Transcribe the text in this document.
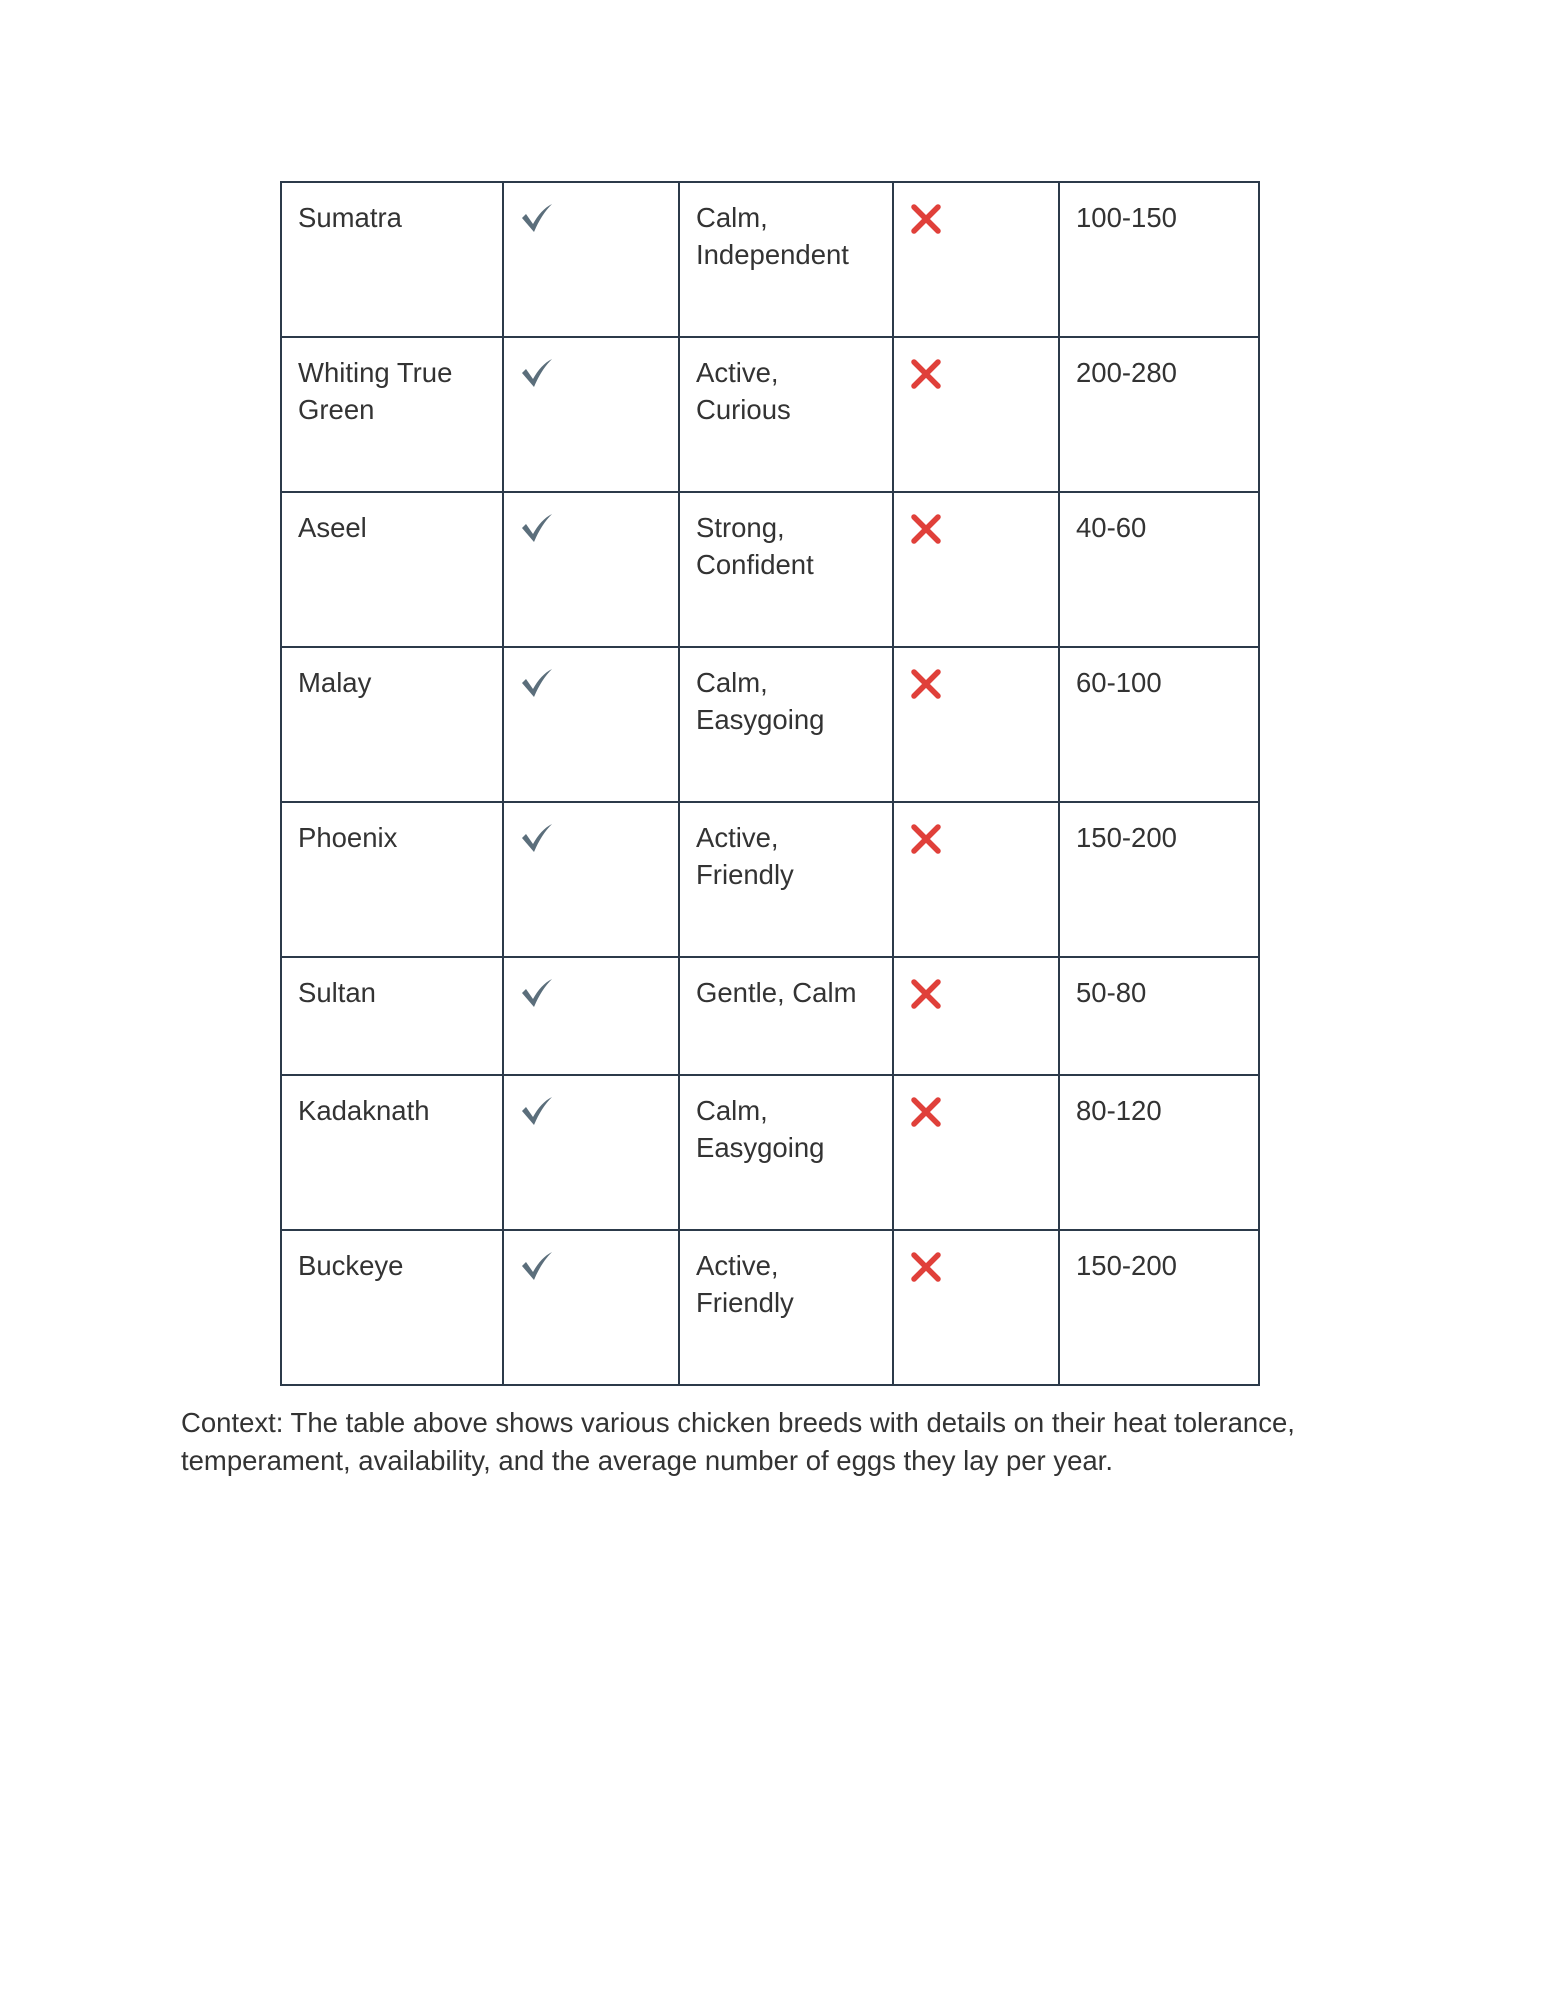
Sumatra		Calm, Independent		100-150
Whiting True Green		Active, Curious		200-280
Aseel		Strong, Confident		40-60
Malay		Calm, Easygoing		60-100
Phoenix		Active, Friendly		150-200
Sultan		Gentle, Calm		50-80
Kadaknath		Calm, Easygoing		80-120
Buckeye		Active, Friendly		150-200

Context: The table above shows various chicken breeds with details on their heat tolerance, temperament, availability, and the average number of eggs they lay per year.
